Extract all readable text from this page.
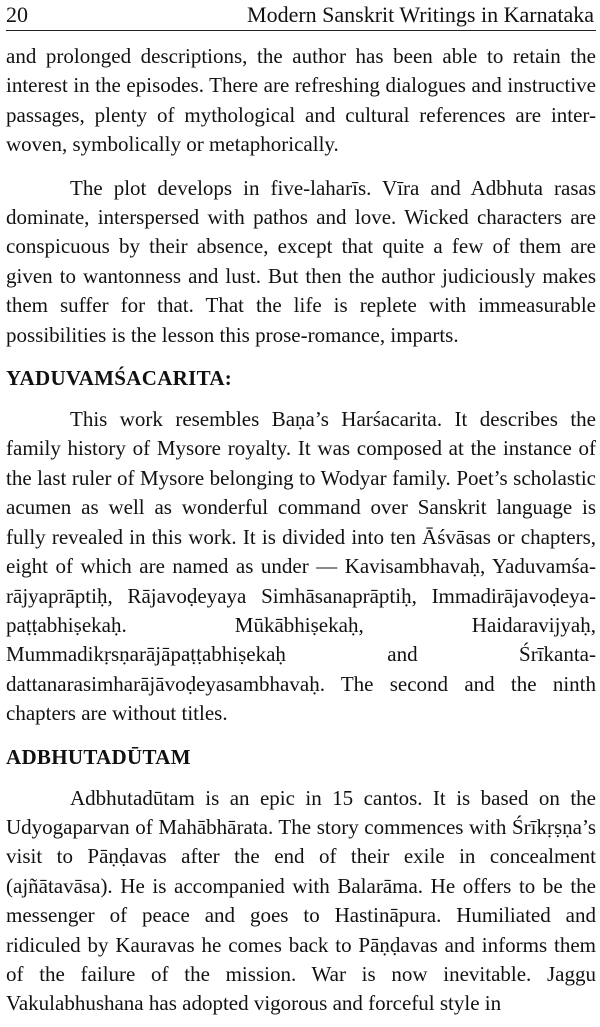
20	Modern Sanskrit Writings in Karnataka

and prolonged descriptions, the author has been able to retain the interest in the episodes. There are refreshing dialogues and instructive passages, plenty of mythological and cultural references are inter-woven, symbolically or metaphorically.

The plot develops in five-laharīs. Vīra and Adbhuta rasas dominate, interspersed with pathos and love. Wicked characters are conspicuous by their absence, except that quite a few of them are given to wantonness and lust. But then the author judiciously makes them suffer for that. That the life is replete with immeasurable possibilities is the lesson this prose-romance, imparts.

YADUVAMŚACARITA:

This work resembles Baṇa’s Harśacarita. It describes the family history of Mysore royalty. It was composed at the instance of the last ruler of Mysore belonging to Wodyar family. Poet’s scholastic acumen as well as wonderful command over Sanskrit language is fully revealed in this work. It is divided into ten Āśvāsas or chapters, eight of which are named as under — Kavisambhavaḥ, Yaduvamśa-rājyaprāptiḥ, Rājavoḍeyaya Simhāsanaprāptiḥ, Immadirājavoḍeya-paṭṭabhiṣekaḥ. Mūkābhiṣekaḥ, Haidaravijyaḥ, Mummadikṛsṇarājāpaṭṭabhiṣekaḥ and Śrīkantadattanarasimharājāvoḍeyasambhavaḥ. The second and the ninth chapters are without titles.

ADBHUTADŪTAM

Adbhutadūtam is an epic in 15 cantos. It is based on the Udyogaparvan of Mahābhārata. The story commences with Śrīkṛṣṇa’s visit to Pāṇḍavas after the end of their exile in concealment (ajñātavāsa). He is accompanied with Balarāma. He offers to be the messenger of peace and goes to Hastināpura. Humiliated and ridiculed by Kauravas he comes back to Pāṇḍavas and informs them of the failure of the mission. War is now inevitable. Jaggu Vakulabhushana has adopted vigorous and forceful style in
